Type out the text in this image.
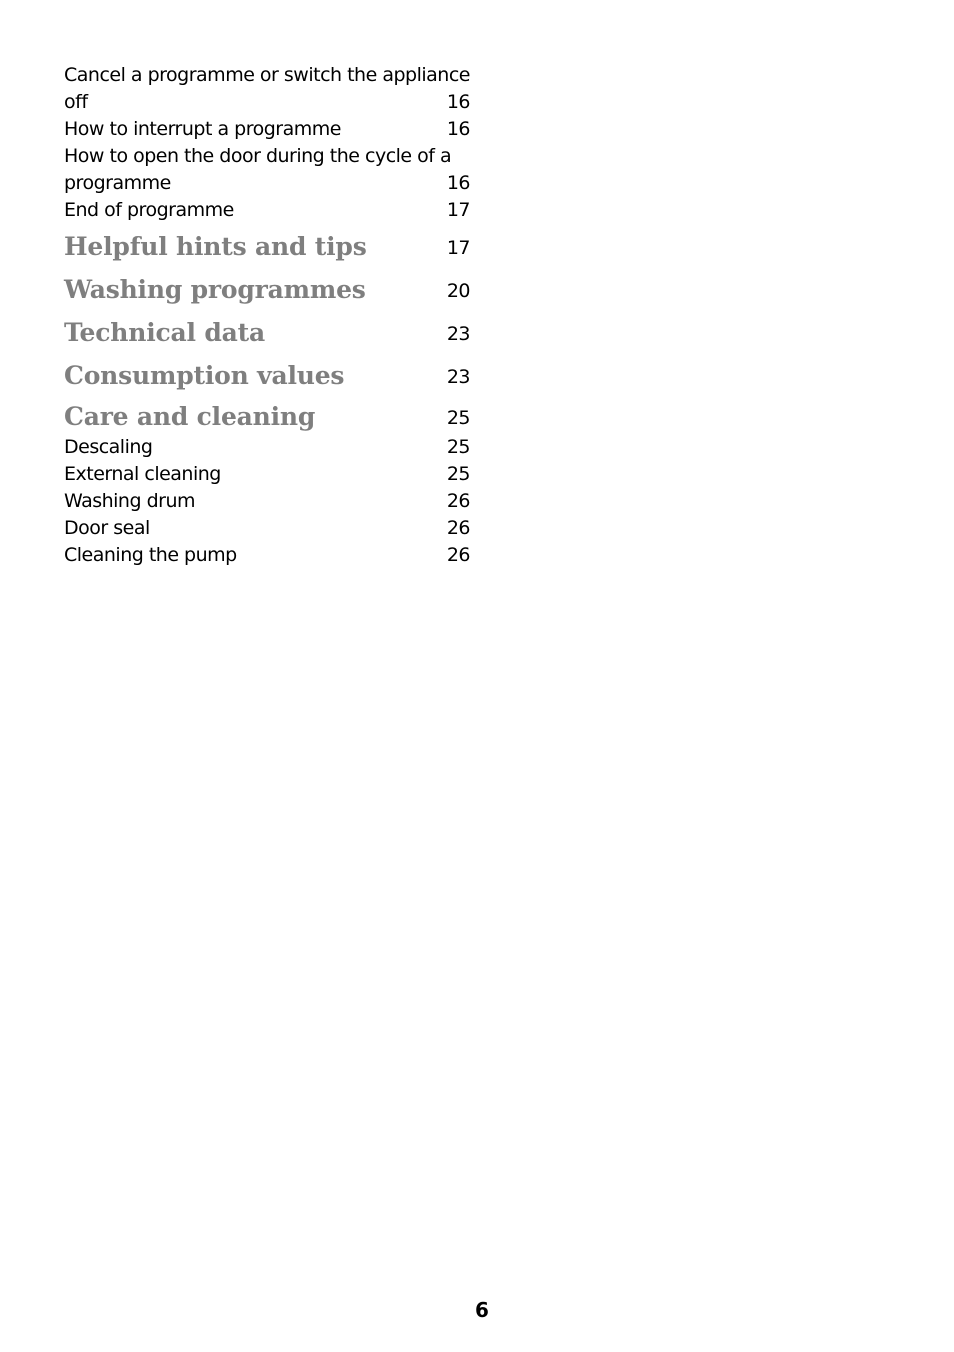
Cancel a programme or switch the appliance off	16
How to interrupt a programme	16
How to open the door during the cycle of a programme	16
End of programme	17
Helpful hints and tips	17
Washing programmes	20
Technical data	23
Consumption values	23
Care and cleaning	25
Descaling	25
External cleaning	25
Washing drum	26
Door seal	26
Cleaning the pump	26
6
